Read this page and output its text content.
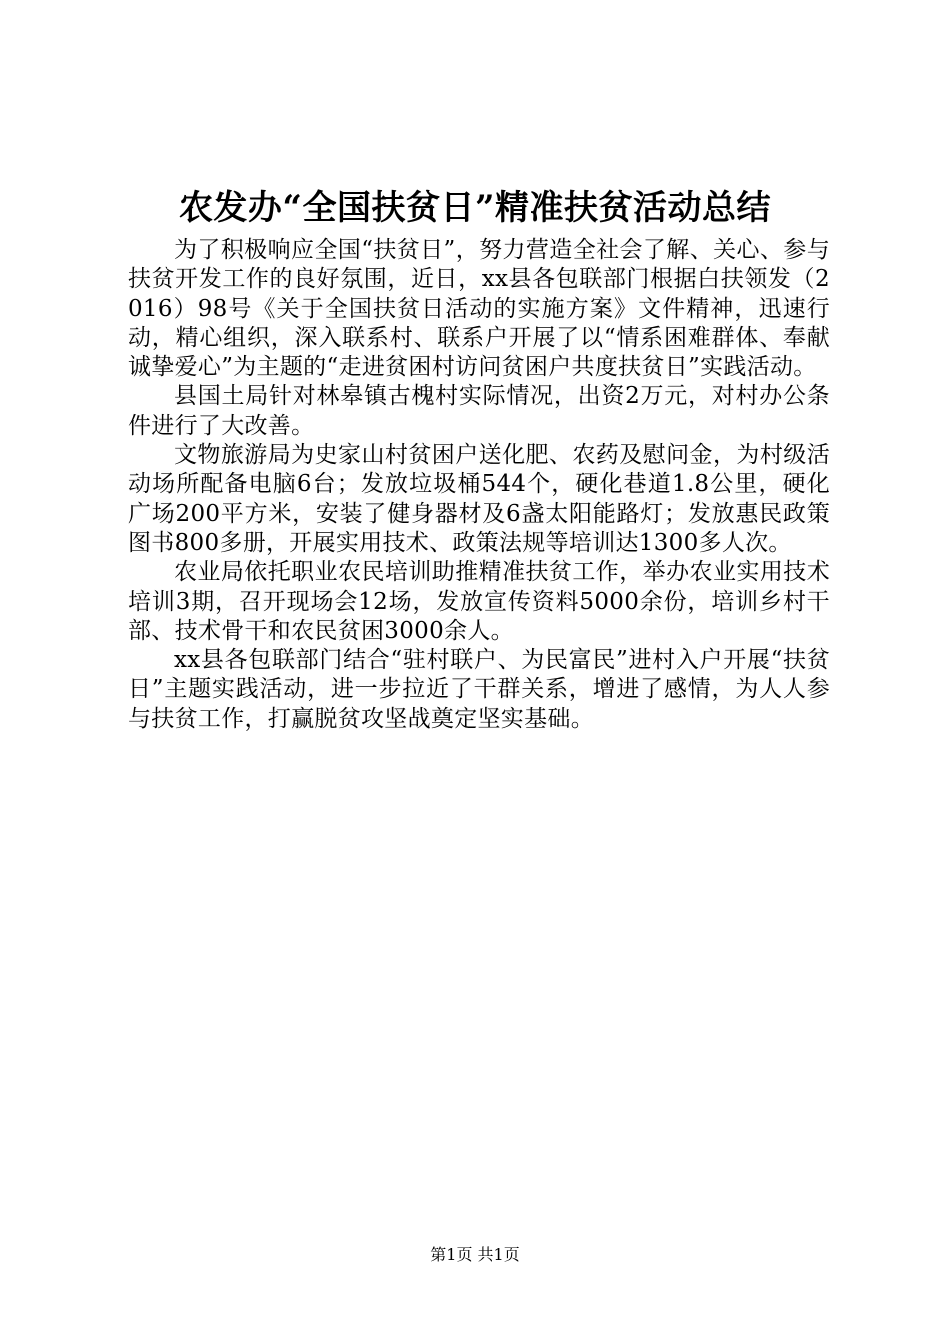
农发办“全国扶贫日”精准扶贫活动总结

为了积极响应全国“扶贫日”，努力营造全社会了解、关心、参与扶贫开发工作的良好氛围，近日，xx县各包联部门根据白扶领发（2016）98号《关于全国扶贫日活动的实施方案》文件精神，迅速行动，精心组织，深入联系村、联系户开展了以“情系困难群体、奉献诚挚爱心”为主题的“走进贫困村访问贫困户共度扶贫日”实践活动。

县国土局针对林皋镇古槐村实际情况，出资2万元，对村办公条件进行了大改善。

文物旅游局为史家山村贫困户送化肥、农药及慰问金，为村级活动场所配备电脑6台；发放垃圾桶544个，硬化巷道1.8公里，硬化广场200平方米，安装了健身器材及6盏太阳能路灯；发放惠民政策图书800多册，开展实用技术、政策法规等培训达1300多人次。

农业局依托职业农民培训助推精准扶贫工作，举办农业实用技术培训3期，召开现场会12场，发放宣传资料5000余份，培训乡村干部、技术骨干和农民贫困3000余人。

xx县各包联部门结合“驻村联户、为民富民”进村入户开展“扶贫日”主题实践活动，进一步拉近了干群关系，增进了感情，为人人参与扶贫工作，打赢脱贫攻坚战奠定坚实基础。

第1页 共1页
